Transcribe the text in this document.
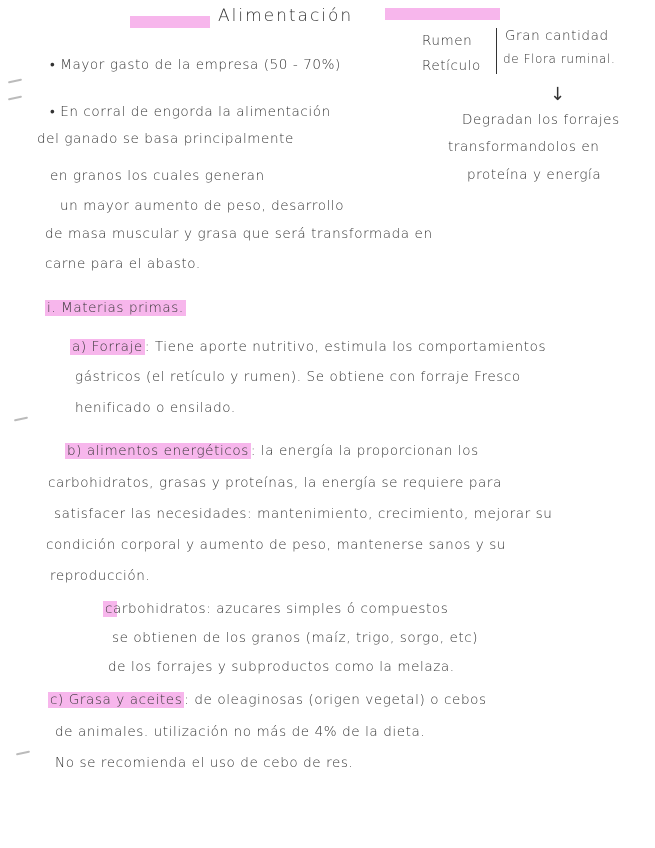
Alimentación
Rumen
Retículo
Gran cantidad
de Flora ruminal.
↓
Degradan los forrajes
transformandolos en
proteína y energía
• Mayor gasto de la empresa (50 - 70%)
• En corral de engorda la alimentación
del ganado se basa principalmente
en granos los cuales generan
un mayor aumento de peso, desarrollo
de masa muscular y grasa que será transformada en
carne para el abasto.
i. Materias primas.
a) Forraje : Tiene aporte nutritivo, estimula los comportamientos
gástricos (el retículo y rumen). Se obtiene con forraje Fresco
henificado o ensilado.
b) alimentos energéticos : la energía la proporcionan los
carbohidratos, grasas y proteínas, la energía se requiere para
satisfacer las necesidades: mantenimiento, crecimiento, mejorar su
condición corporal y aumento de peso, mantenerse sanos y su
reproducción.
carbohidratos: azucares simples ó compuestos
se obtienen de los granos (maíz, trigo, sorgo, etc)
de los forrajes y subproductos como la melaza.
c) Grasa y aceites : de oleaginosas (origen vegetal) o cebos
de animales. utilización no más de 4% de la dieta.
No se recomienda el uso de cebo de res.
